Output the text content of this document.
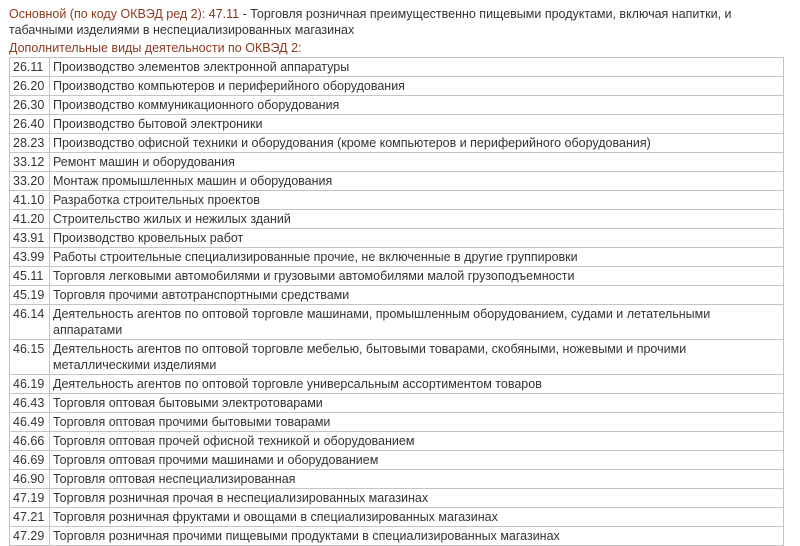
Основной (по коду ОКВЭД ред 2): 47.11 - Торговля розничная преимущественно пищевыми продуктами, включая напитки, и табачными изделиями в неспециализированных магазинах
Дополнительные виды деятельности по ОКВЭД 2:
26.11	Производство элементов электронной аппаратуры
26.20	Производство компьютеров и периферийного оборудования
26.30	Производство коммуникационного оборудования
26.40	Производство бытовой электроники
28.23	Производство офисной техники и оборудования (кроме компьютеров и периферийного оборудования)
33.12	Ремонт машин и оборудования
33.20	Монтаж промышленных машин и оборудования
41.10	Разработка строительных проектов
41.20	Строительство жилых и нежилых зданий
43.91	Производство кровельных работ
43.99	Работы строительные специализированные прочие, не включенные в другие группировки
45.11	Торговля легковыми автомобилями и грузовыми автомобилями малой грузоподъемности
45.19	Торговля прочими автотранспортными средствами
46.14	Деятельность агентов по оптовой торговле машинами, промышленным оборудованием, судами и летательными аппаратами
46.15	Деятельность агентов по оптовой торговле мебелью, бытовыми товарами, скобяными, ножевыми и прочими металлическими изделиями
46.19	Деятельность агентов по оптовой торговле универсальным ассортиментом товаров
46.43	Торговля оптовая бытовыми электротоварами
46.49	Торговля оптовая прочими бытовыми товарами
46.66	Торговля оптовая прочей офисной техникой и оборудованием
46.69	Торговля оптовая прочими машинами и оборудованием
46.90	Торговля оптовая неспециализированная
47.19	Торговля розничная прочая в неспециализированных магазинах
47.21	Торговля розничная фруктами и овощами в специализированных магазинах
47.29	Торговля розничная прочими пищевыми продуктами в специализированных магазинах
